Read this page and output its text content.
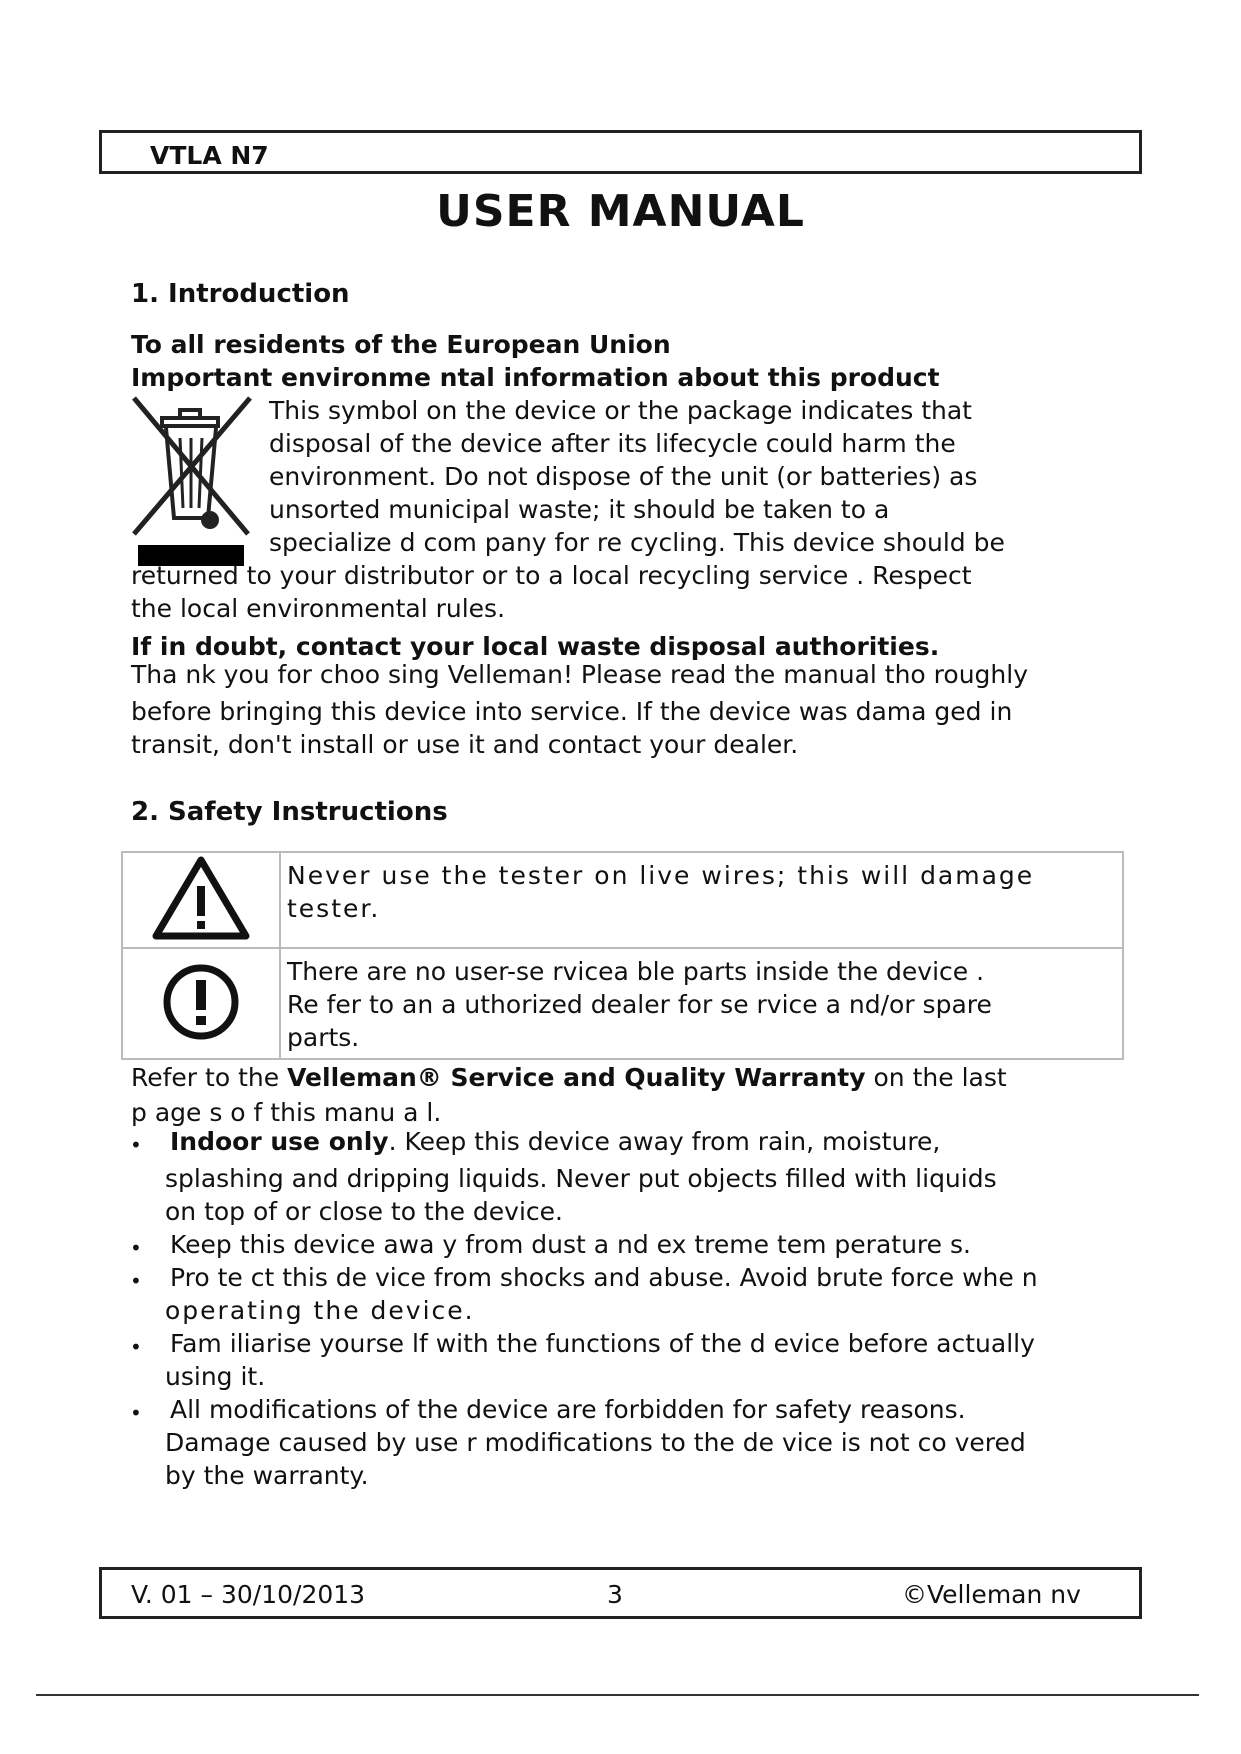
VTLA N7
USER MANUAL
1. Introduction
To all residents of the European Union
Important environme ntal information about this product
This symbol on the device or the package indicates that
disposal of the device after its lifecycle could harm the
environment. Do not dispose of the unit (or batteries) as
unsorted municipal waste; it should be taken to a
specialize d com pany for re cycling. This device should be
returned to your distributor or to a local recycling service . Respect
the local environmental rules.
If in doubt, contact your local waste disposal authorities.
Tha nk you for choo sing Velleman! Please read the manual tho roughly
before bringing this device into service. If the device was dama ged in
transit, don't install or use it and contact your dealer.
2. Safety Instructions

Never use the tester on live wires; this will damage
tester.

There are no user-se rvicea ble parts inside the device .
Re fer to an a uthorized dealer for se rvice a nd/or spare
parts.
Refer to the Velleman® Service and Quality Warranty on the last
p age s o f this manu a l.
• Indoor use only. Keep this device away from rain, moisture,
splashing and dripping liquids. Never put objects filled with liquids
on top of or close to the device.
• Keep this device awa y from dust a nd ex treme tem perature s.
• Pro te ct this de vice from shocks and abuse. Avoid brute force whe n
operating the device.
• Fam iliarise yourse lf with the functions of the d evice before actually
using it.
• All modifications of the device are forbidden for safety reasons.
Damage caused by use r modifications to the de vice is not co vered
by the warranty.
V. 01 – 30/10/2013	3	©Velleman nv
